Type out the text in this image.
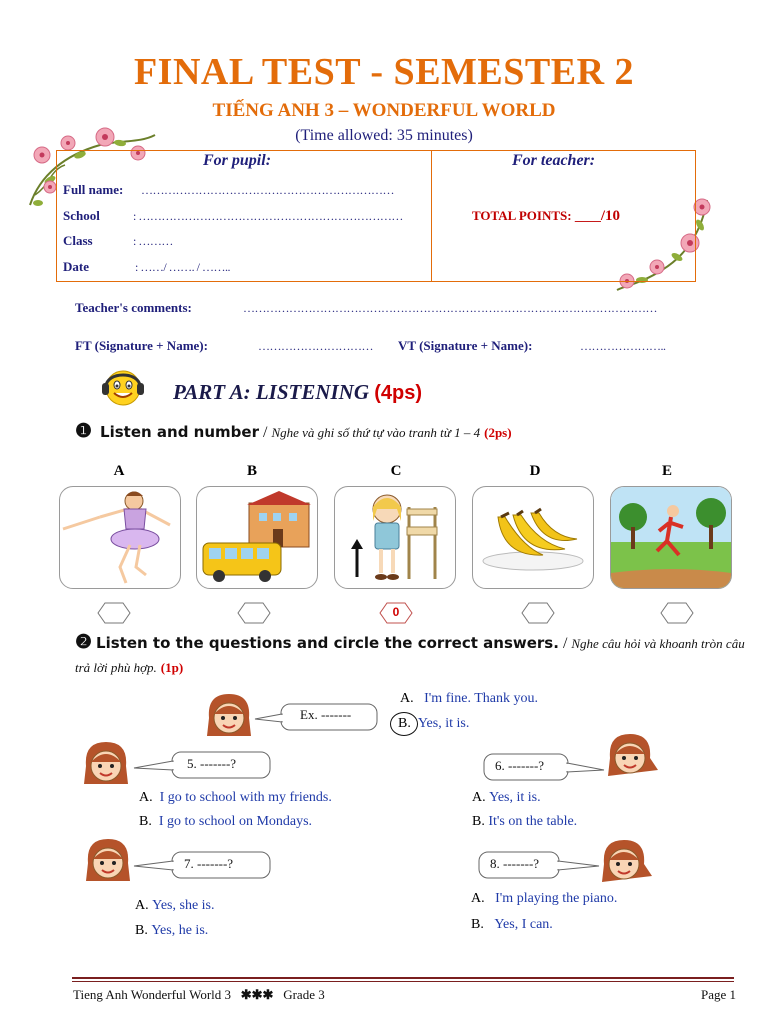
FINAL TEST - SEMESTER 2
TIẾNG ANH 3 – WONDERFUL WORLD
(Time allowed: 35 minutes)
For pupil:	For teacher:
Full name: …………………………………………………………
School	: ……………………………………………………………
Class	: ………
Date	: ……/ ……. / ……..
TOTAL POINTS: ____/10
Teacher's comments:	………………………………………………………………………………………………
FT (Signature + Name):	………………………… VT (Signature + Name):	…………………..
PART A: LISTENING (4ps)
❶ Listen and number / Nghe và ghi số thứ tự vào tranh từ 1 – 4 (2ps)
A	B	C	D	E
0
❷ Listen to the questions and circle the correct answers. / Nghe câu hỏi và khoanh tròn câu trả lời phù hợp. (1p)
Ex. -------
5. -------?	6. -------?
7. -------?	8. -------?
A. I'm fine. Thank you.
B. Yes, it is.
A. I go to school with my friends.
B. I go to school on Mondays.
A. Yes, it is.
B. It's on the table.
A. Yes, she is.
B. Yes, he is.
A. I'm playing the piano.
B. Yes, I can.
Tieng Anh Wonderful World 3 ✱✱✱ Grade 3	Page 1
